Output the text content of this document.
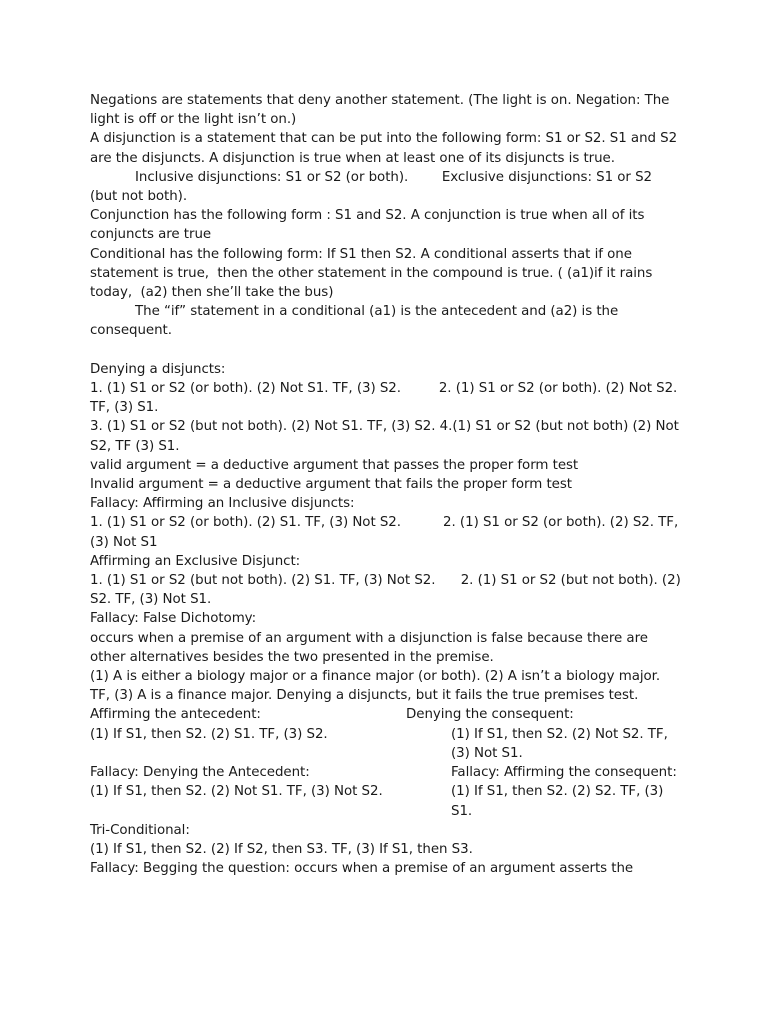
Negations are statements that deny another statement. (The light is on. Negation: The light is off or the light isn’t on.)

A disjunction is a statement that can be put into the following form: S1 or S2. S1 and S2 are the disjuncts. A disjunction is true when at least one of its disjuncts is true.

Inclusive disjunctions: S1 or S2 (or both).        Exclusive disjunctions: S1 or S2 (but not both).

Conjunction has the following form : S1 and S2. A conjunction is true when all of its conjuncts are true

Conditional has the following form: If S1 then S2. A conditional asserts that if one statement is true,  then the other statement in the compound is true. ( (a1)if it rains today,  (a2) then she’ll take the bus)

The “if” statement in a conditional (a1) is the antecedent and (a2) is the consequent.

Denying a disjuncts:

1. (1) S1 or S2 (or both). (2) Not S1. TF, (3) S2.         2. (1) S1 or S2 (or both). (2) Not S2. TF, (3) S1.

3. (1) S1 or S2 (but not both). (2) Not S1. TF, (3) S2. 4.(1) S1 or S2 (but not both) (2) Not S2, TF (3) S1.

valid argument = a deductive argument that passes the proper form test

Invalid argument = a deductive argument that fails the proper form test

Fallacy: Affirming an Inclusive disjuncts:

1. (1) S1 or S2 (or both). (2) S1. TF, (3) Not S2.          2. (1) S1 or S2 (or both). (2) S2. TF, (3) Not S1

Affirming an Exclusive Disjunct:

1. (1) S1 or S2 (but not both). (2) S1. TF, (3) Not S2.      2. (1) S1 or S2 (but not both). (2) S2. TF, (3) Not S1.

Fallacy: False Dichotomy:

occurs when a premise of an argument with a disjunction is false because there are other alternatives besides the two presented in the premise.

(1) A is either a biology major or a finance major (or both). (2) A isn’t a biology major. TF, (3) A is a finance major. Denying a disjuncts, but it fails the true premises test.

Affirming the antecedent:	Denying the consequent:
(1) If S1, then S2. (2) S1. TF, (3) S2.	(1) If S1, then S2. (2) Not S2. TF, (3) Not S1.
Fallacy: Denying the Antecedent:	Fallacy: Affirming the consequent:
(1) If S1, then S2. (2) Not S1. TF, (3) Not S2.	(1) If S1, then S2. (2) S2. TF, (3) S1.

Tri-Conditional:

(1) If S1, then S2. (2) If S2, then S3. TF, (3) If S1, then S3.

Fallacy: Begging the question: occurs when a premise of an argument asserts the
